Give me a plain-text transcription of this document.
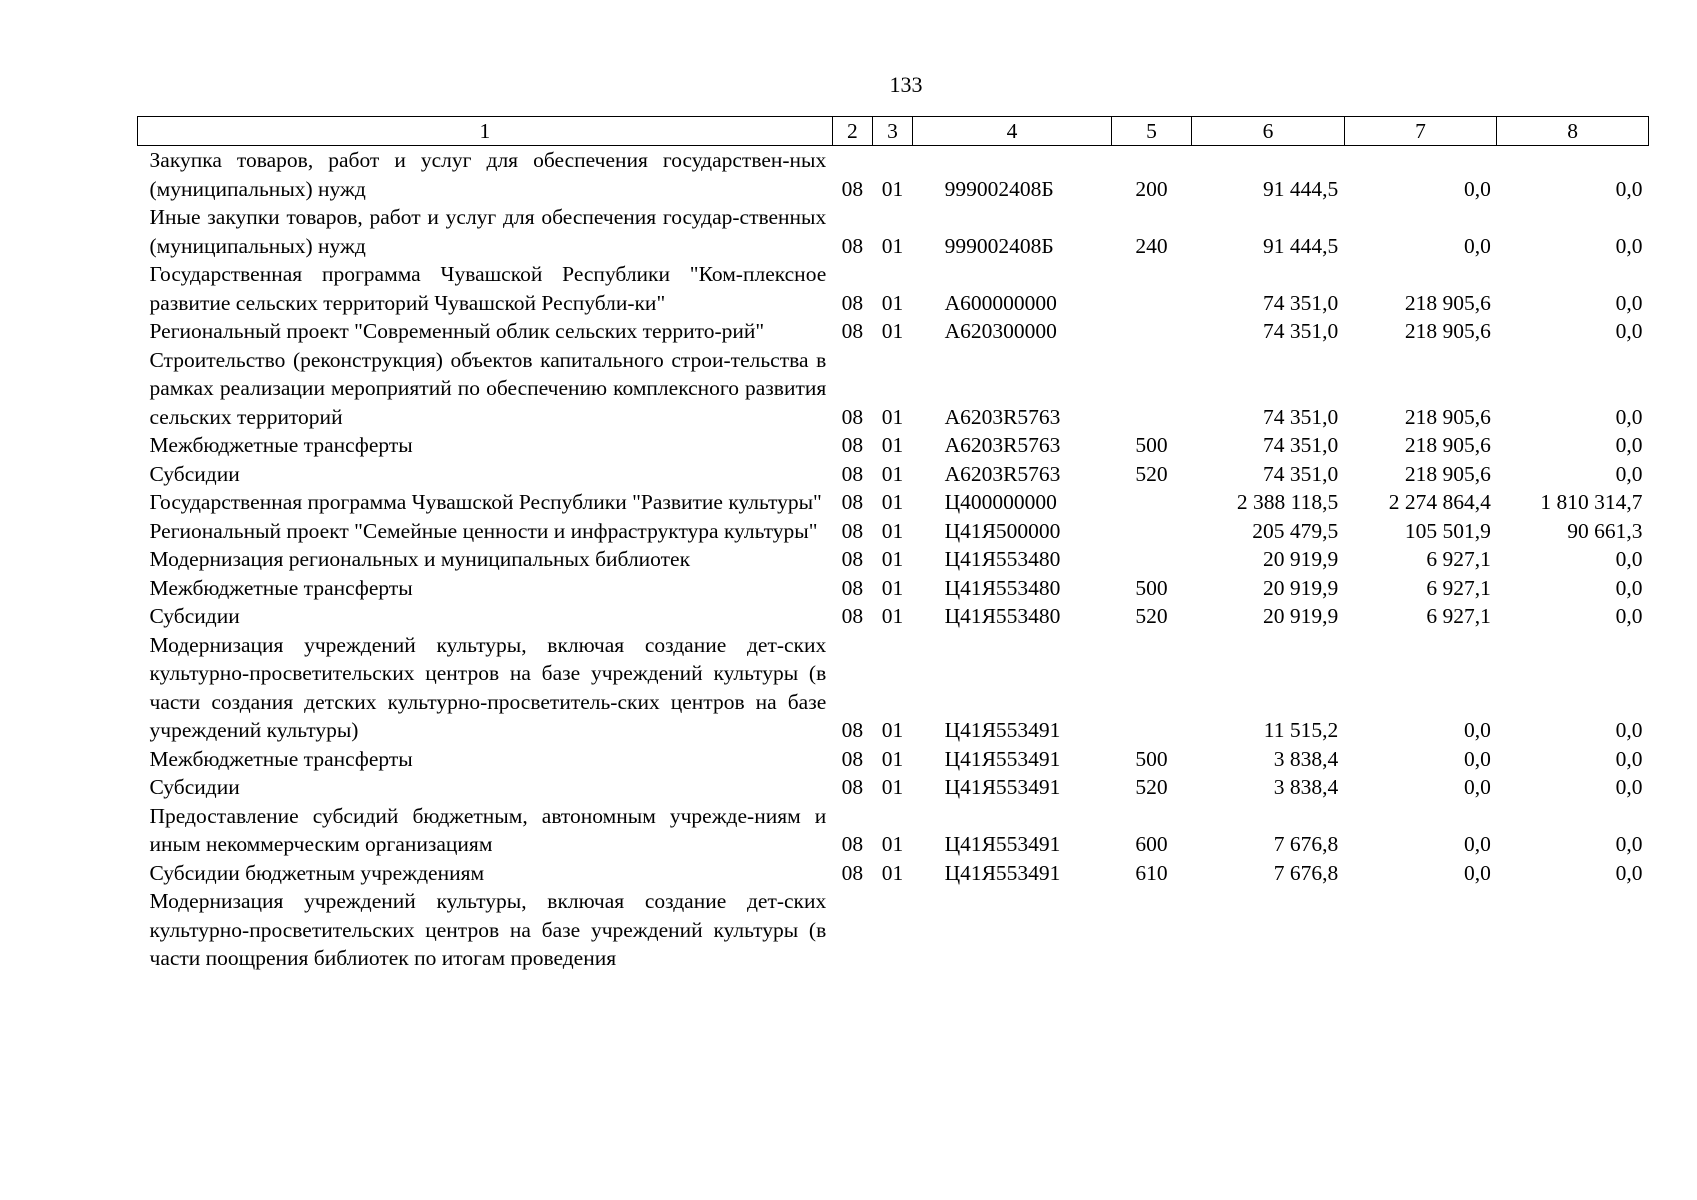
133
1	2	3	4	5	6	7	8
Закупка товаров, работ и услуг для обеспечения государствен-ных (муниципальных) нужд	08	01	999002408Б	200	91 444,5	0,0	0,0
Иные закупки товаров, работ и услуг для обеспечения государ-ственных (муниципальных) нужд	08	01	999002408Б	240	91 444,5	0,0	0,0
Государственная программа Чувашской Республики "Ком-плексное развитие сельских территорий Чувашской Республи-ки"	08	01	А600000000		74 351,0	218 905,6	0,0
Региональный проект "Современный облик сельских террито-рий"	08	01	А620300000		74 351,0	218 905,6	0,0
Строительство (реконструкция) объектов капитального строи-тельства в рамках реализации мероприятий по обеспечению комплексного развития сельских территорий	08	01	А6203R5763		74 351,0	218 905,6	0,0
Межбюджетные трансферты	08	01	А6203R5763	500	74 351,0	218 905,6	0,0
Субсидии	08	01	А6203R5763	520	74 351,0	218 905,6	0,0
Государственная программа Чувашской Республики "Развитие культуры"	08	01	Ц400000000		2 388 118,5	2 274 864,4	1 810 314,7
Региональный проект "Семейные ценности и инфраструктура культуры"	08	01	Ц41Я500000		205 479,5	105 501,9	90 661,3
Модернизация региональных и муниципальных библиотек	08	01	Ц41Я553480		20 919,9	6 927,1	0,0
Межбюджетные трансферты	08	01	Ц41Я553480	500	20 919,9	6 927,1	0,0
Субсидии	08	01	Ц41Я553480	520	20 919,9	6 927,1	0,0
Модернизация учреждений культуры, включая создание дет-ских культурно-просветительских центров на базе учреждений культуры (в части создания детских культурно-просветитель-ских центров на базе учреждений культуры)	08	01	Ц41Я553491		11 515,2	0,0	0,0
Межбюджетные трансферты	08	01	Ц41Я553491	500	3 838,4	0,0	0,0
Субсидии	08	01	Ц41Я553491	520	3 838,4	0,0	0,0
Предоставление субсидий бюджетным, автономным учрежде-ниям и иным некоммерческим организациям	08	01	Ц41Я553491	600	7 676,8	0,0	0,0
Субсидии бюджетным учреждениям	08	01	Ц41Я553491	610	7 676,8	0,0	0,0
Модернизация учреждений культуры, включая создание дет-ских культурно-просветительских центров на базе учреждений культуры (в части поощрения библиотек по итогам проведения							
